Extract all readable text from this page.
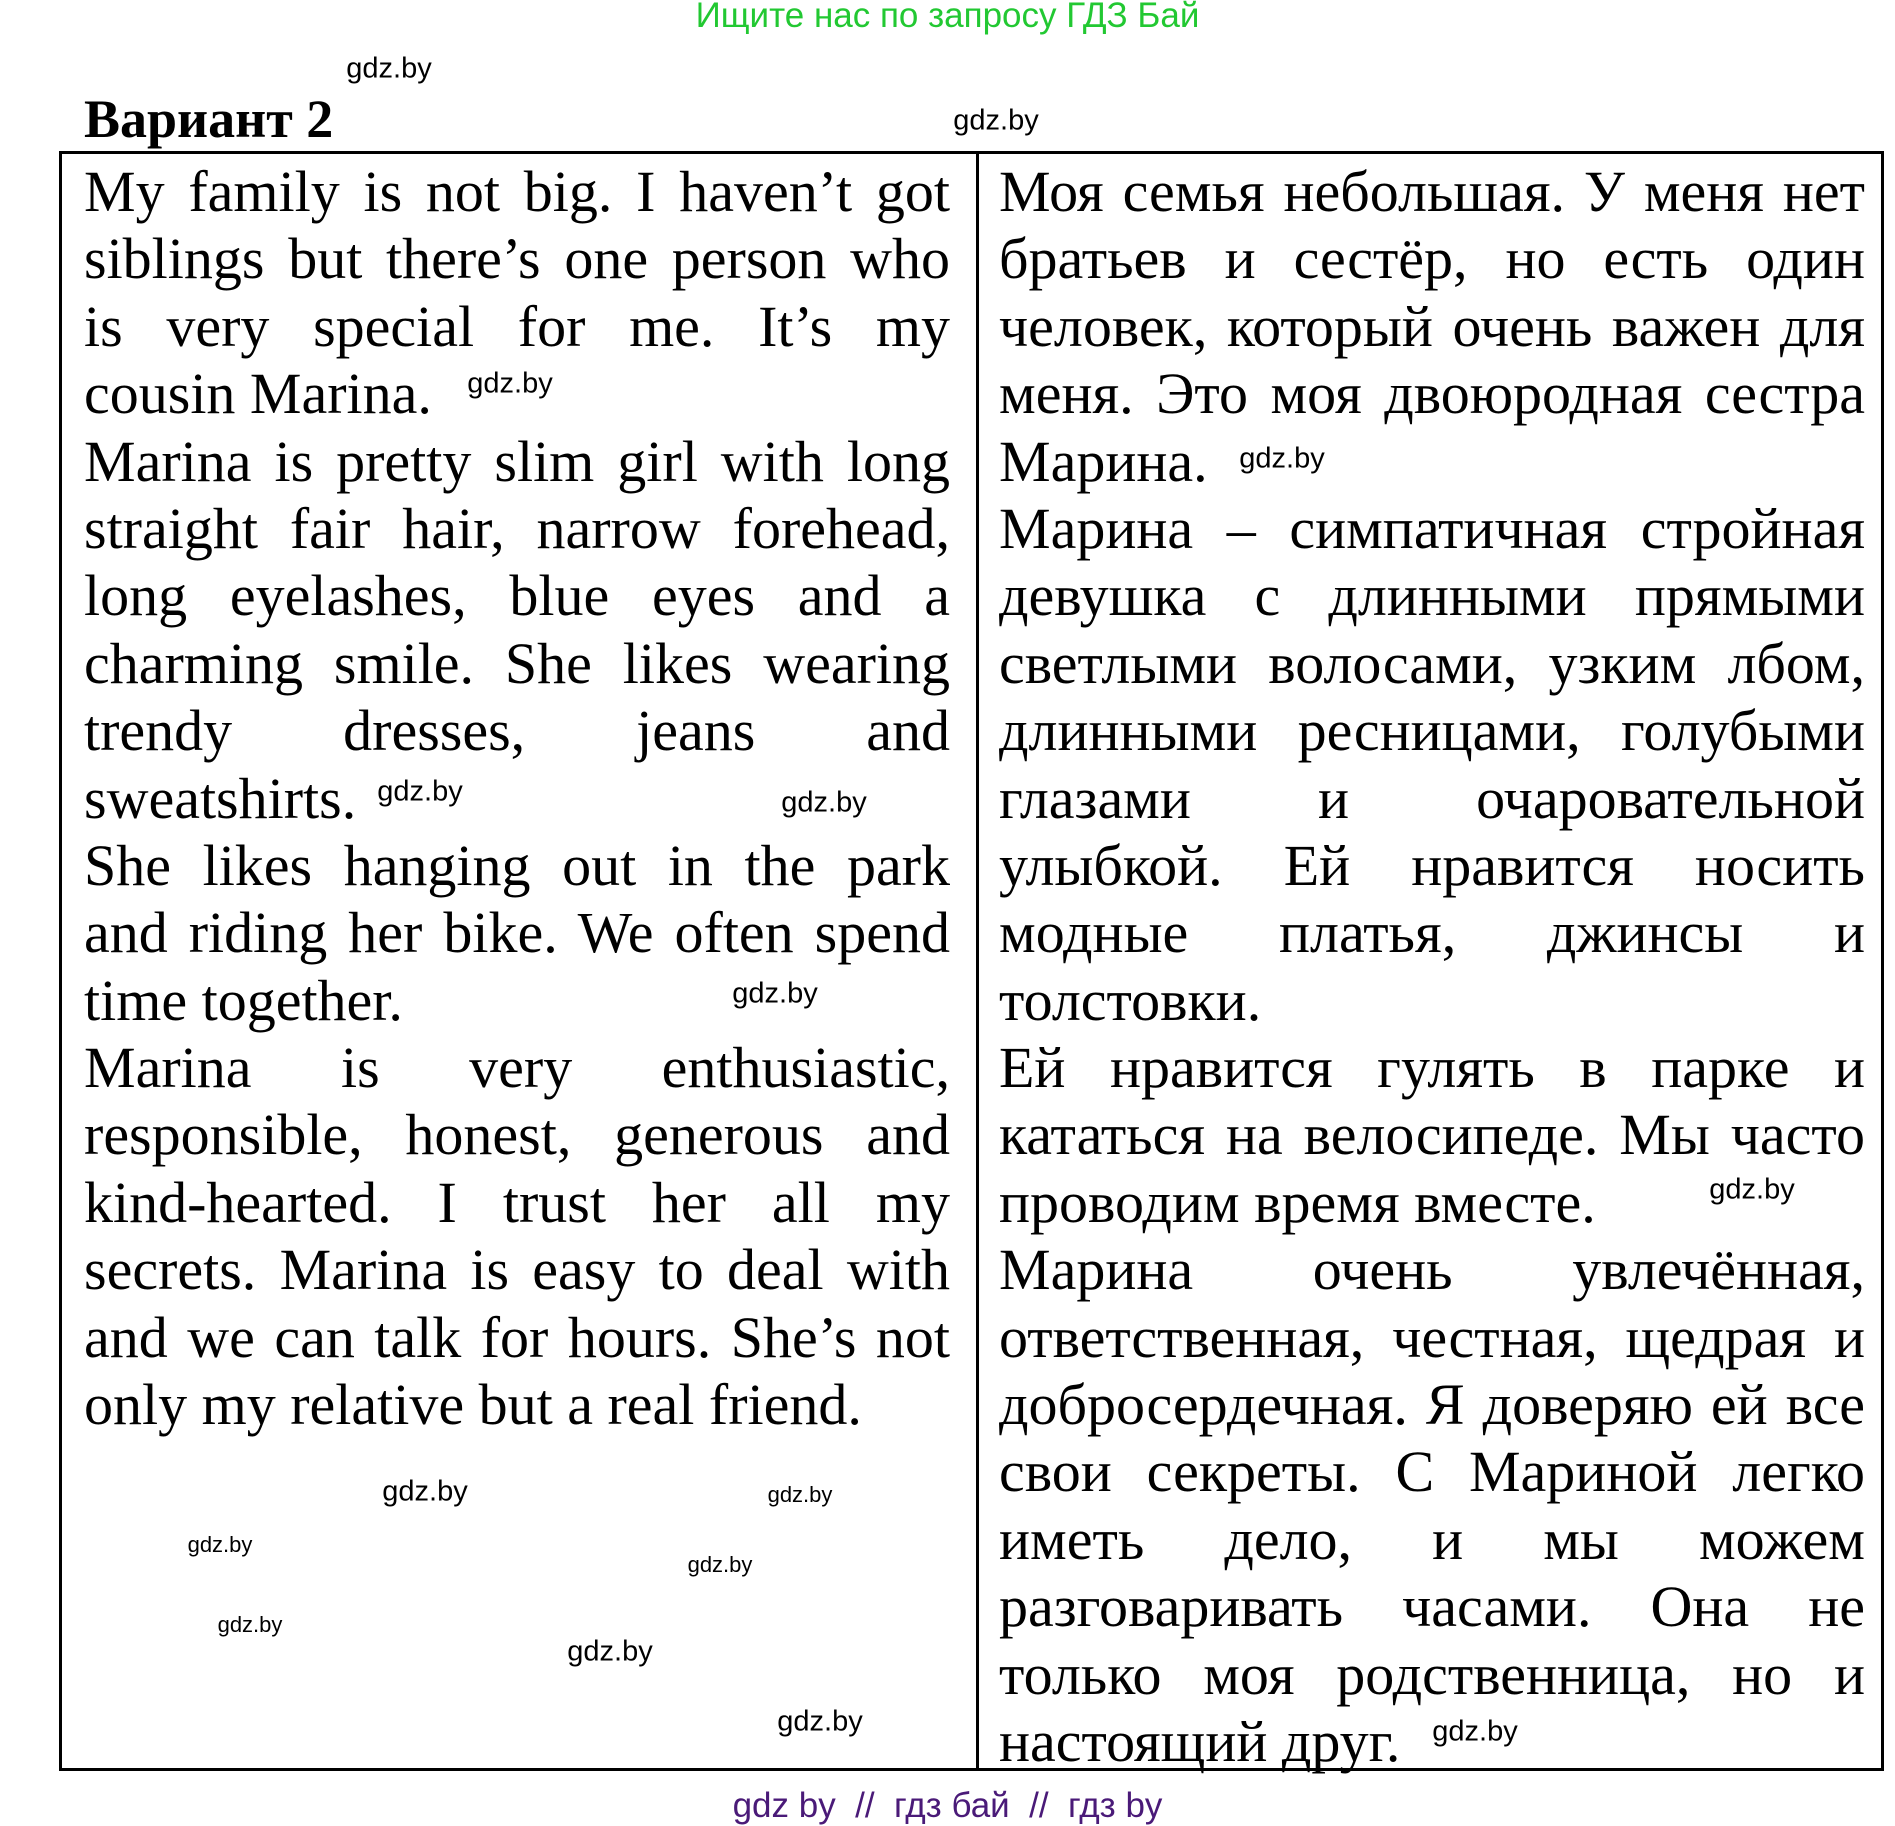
Ищите нас по запросу ГДЗ Бай
Вариант 2
My family is not big. I haven’t got
siblings but there’s one person who
is very special for me. It’s my
cousin Marina.
Marina is pretty slim girl with long
straight fair hair, narrow forehead,
long eyelashes, blue eyes and a
charming smile. She likes wearing
trendy dresses, jeans and
sweatshirts.
She likes hanging out in the park
and riding her bike. We often spend
time together.
Marina is very enthusiastic,
responsible, honest, generous and
kind-hearted. I trust her all my
secrets. Marina is easy to deal with
and we can talk for hours. She’s not
only my relative but a real friend.
Моя семья небольшая. У меня нет
братьев и сестёр, но есть один
человек, который очень важен для
меня. Это моя двоюродная сестра
Марина.
Марина – симпатичная стройная
девушка с длинными прямыми
светлыми волосами, узким лбом,
длинными ресницами, голубыми
глазами и очаровательной
улыбкой. Ей нравится носить
модные платья, джинсы и
толстовки.
Ей нравится гулять в парке и
кататься на велосипеде. Мы часто
проводим время вместе.
Марина очень увлечённая,
ответственная, честная, щедрая и
добросердечная. Я доверяю ей все
свои секреты. С Мариной легко
иметь дело, и мы можем
разговаривать часами. Она не
только моя родственница, но и
настоящий друг.
gdz.by
gdz.by
gdz.by
gdz.by
gdz.by
gdz.by	gdz.by
gdz.by
gdz.by
gdz.by
gdz.by
gdz.by
gdz.by
gdz.by
gdz.by
gdz.by
gdz by  //  гдз бай  //  гдз by
